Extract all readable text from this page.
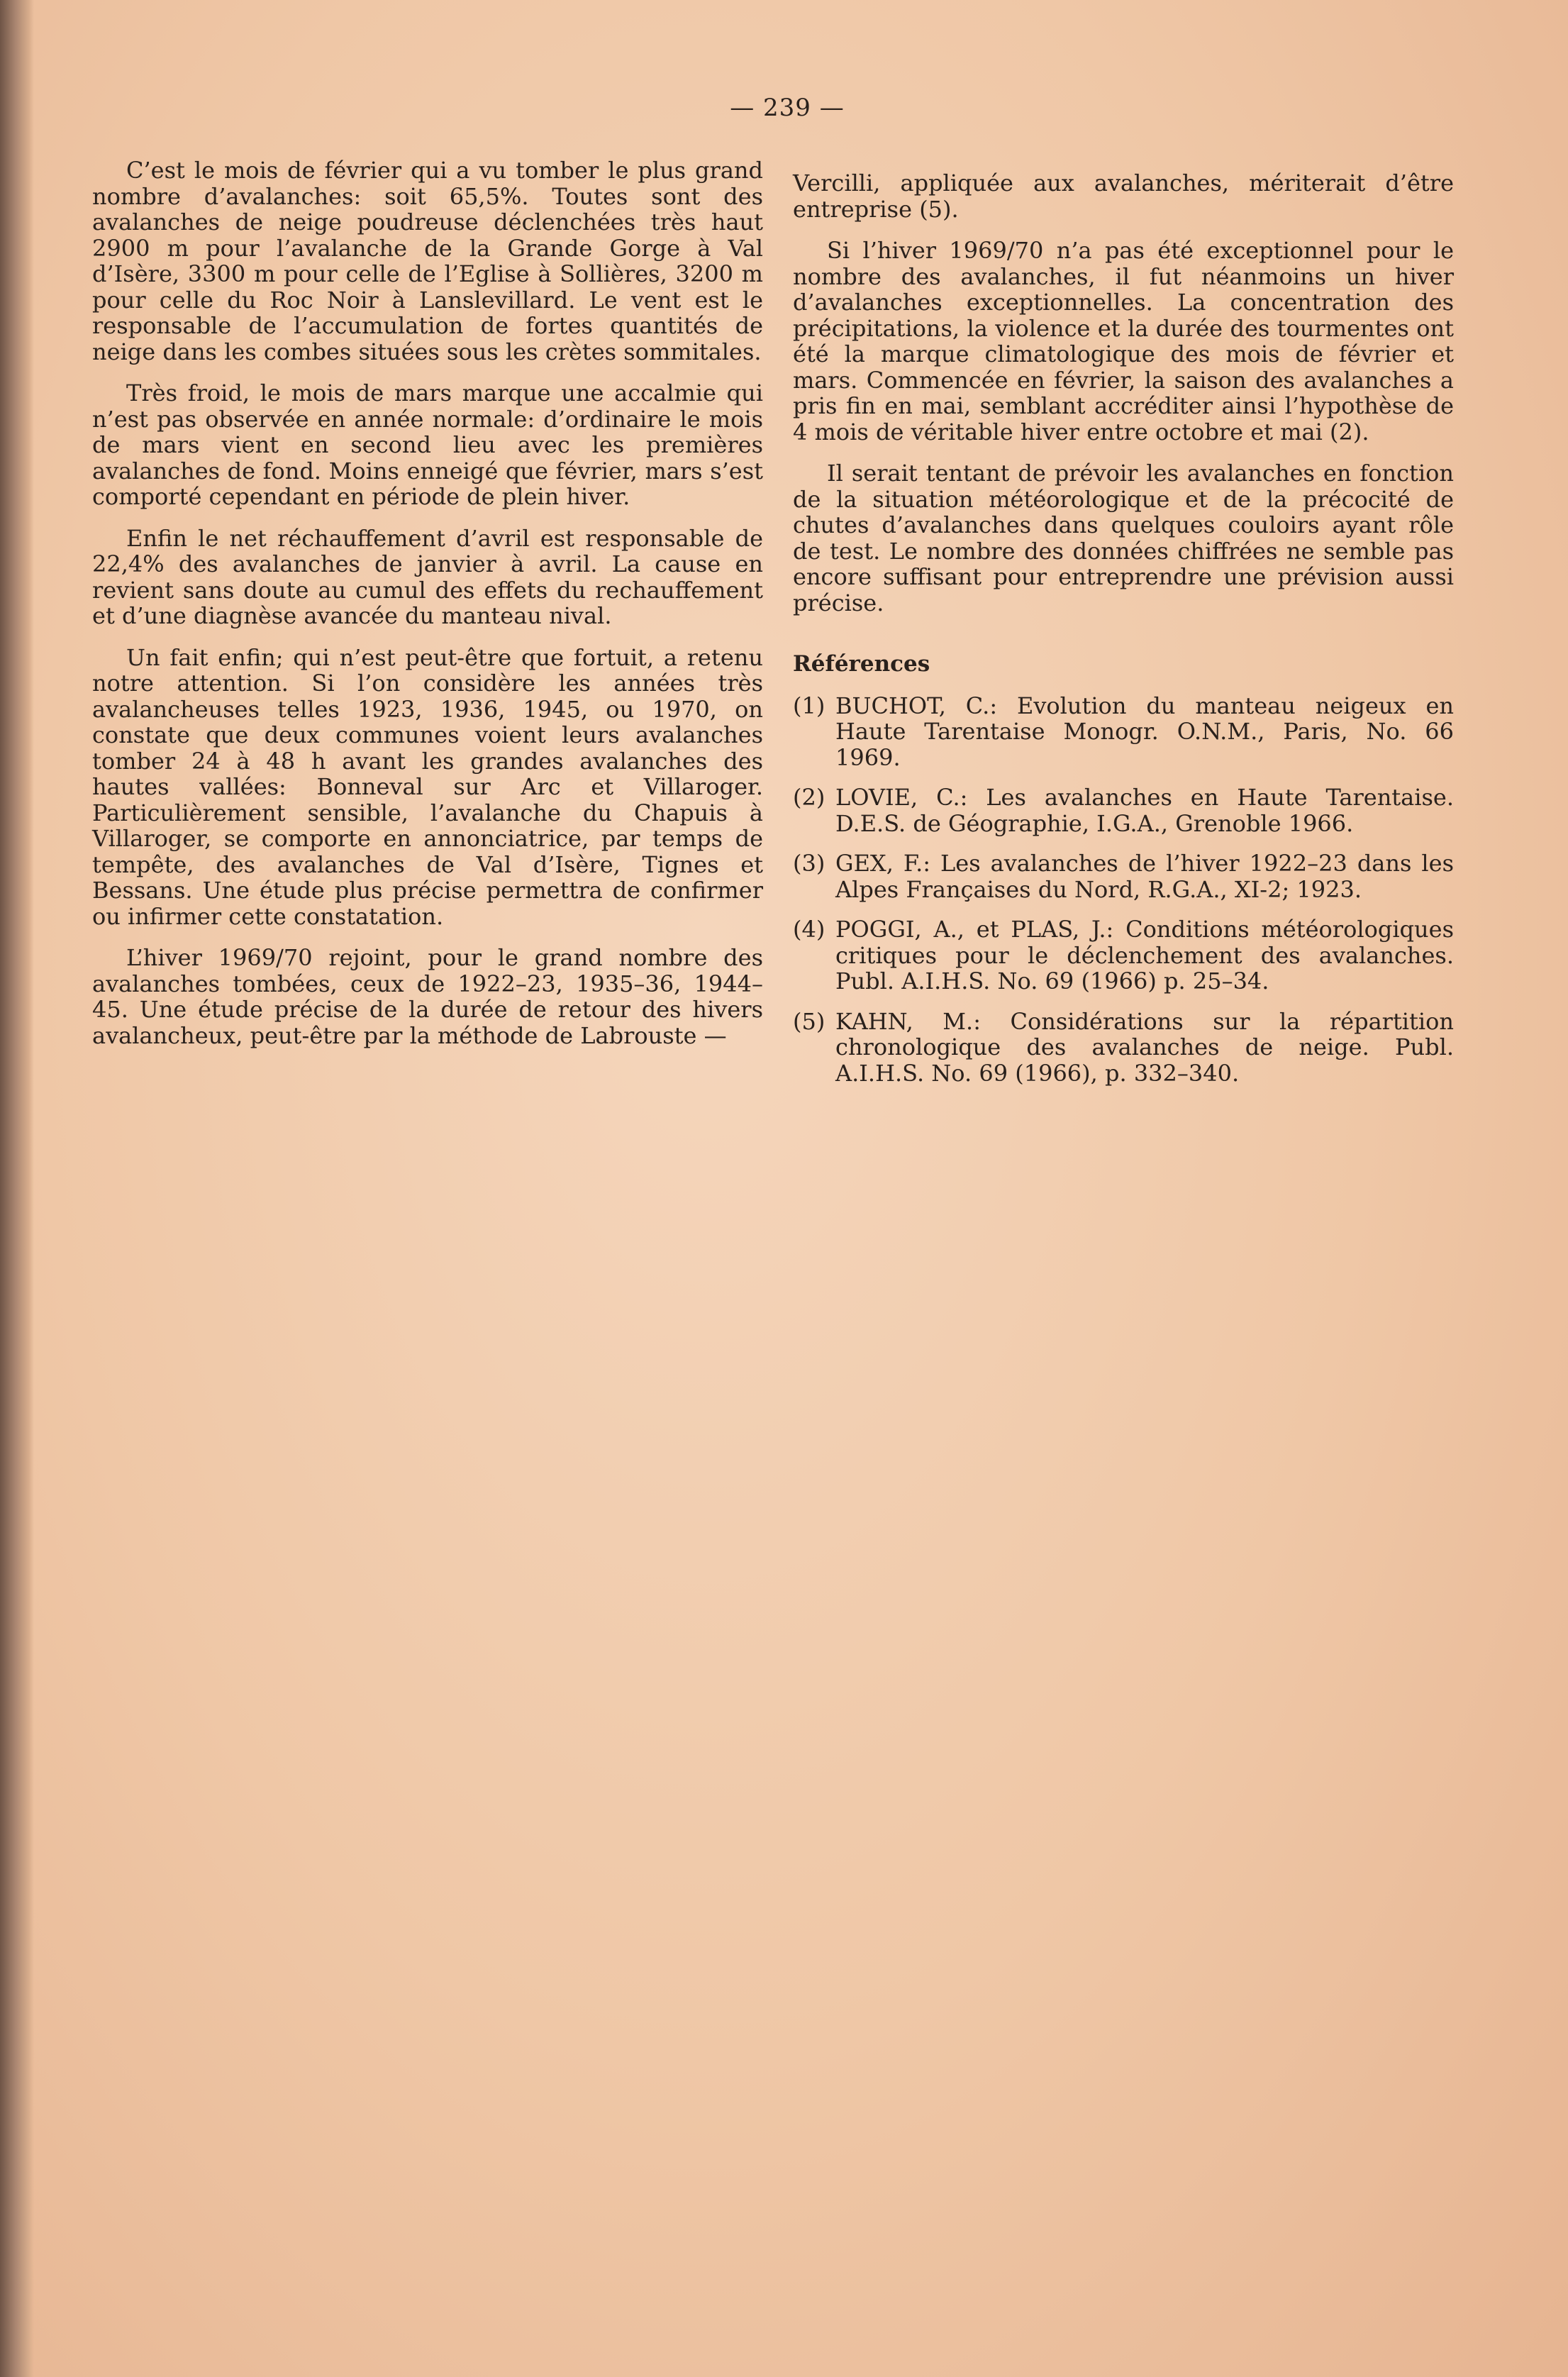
— 239 —

C’est le mois de février qui a vu tomber le plus grand nombre d’avalanches: soit 65,5%. Toutes sont des avalanches de neige poudreuse déclenchées très haut 2900 m pour l’avalanche de la Grande Gorge à Val d’Isère, 3300 m pour celle de l’Eglise à Sollières, 3200 m pour celle du Roc Noir à Lanslevillard. Le vent est le responsable de l’accumulation de fortes quantités de neige dans les combes situées sous les crètes sommitales.

Très froid, le mois de mars marque une accalmie qui n’est pas observée en année normale: d’ordinaire le mois de mars vient en second lieu avec les premières avalanches de fond. Moins enneigé que février, mars s’est comporté cependant en période de plein hiver.

Enfin le net réchauffement d’avril est responsable de 22,4% des avalanches de janvier à avril. La cause en revient sans doute au cumul des effets du rechauffement et d’une diagnèse avancée du manteau nival.

Un fait enfin; qui n’est peut-être que fortuit, a retenu notre attention. Si l’on considère les années très avalancheuses telles 1923, 1936, 1945, ou 1970, on constate que deux communes voient leurs avalanches tomber 24 à 48 h avant les grandes avalanches des hautes vallées: Bonneval sur Arc et Villaroger. Particulièrement sensible, l’avalanche du Chapuis à Villaroger, se comporte en annonciatrice, par temps de tempête, des avalanches de Val d’Isère, Tignes et Bessans. Une étude plus précise permettra de confirmer ou infirmer cette constatation.

L’hiver 1969/70 rejoint, pour le grand nombre des avalanches tombées, ceux de 1922–23, 1935–36, 1944–45. Une étude précise de la durée de retour des hivers avalancheux, peut-être par la méthode de Labrouste —

Vercilli, appliquée aux avalanches, mériterait d’être entreprise (5).

Si l’hiver 1969/70 n’a pas été exceptionnel pour le nombre des avalanches, il fut néanmoins un hiver d’avalanches exceptionnelles. La concentration des précipitations, la violence et la durée des tourmentes ont été la marque climatologique des mois de février et mars. Commencée en février, la saison des avalanches a pris fin en mai, semblant accréditer ainsi l’hypothèse de 4 mois de véritable hiver entre octobre et mai (2).

Il serait tentant de prévoir les avalanches en fonction de la situation météorologique et de la précocité de chutes d’avalanches dans quelques couloirs ayant rôle de test. Le nombre des données chiffrées ne semble pas encore suffisant pour entreprendre une prévision aussi précise.

Références
(1) BUCHOT, C.: Evolution du manteau neigeux en Haute Tarentaise Monogr. O.N.M., Paris, No. 66 1969.
(2) LOVIE, C.: Les avalanches en Haute Tarentaise. D.E.S. de Géographie, I.G.A., Grenoble 1966.
(3) GEX, F.: Les avalanches de l’hiver 1922–23 dans les Alpes Françaises du Nord, R.G.A., XI-2; 1923.
(4) POGGI, A., et PLAS, J.: Conditions météorologiques critiques pour le déclenchement des avalanches. Publ. A.I.H.S. No. 69 (1966) p. 25–34.
(5) KAHN, M.: Considérations sur la répartition chronologique des avalanches de neige. Publ. A.I.H.S. No. 69 (1966), p. 332–340.
